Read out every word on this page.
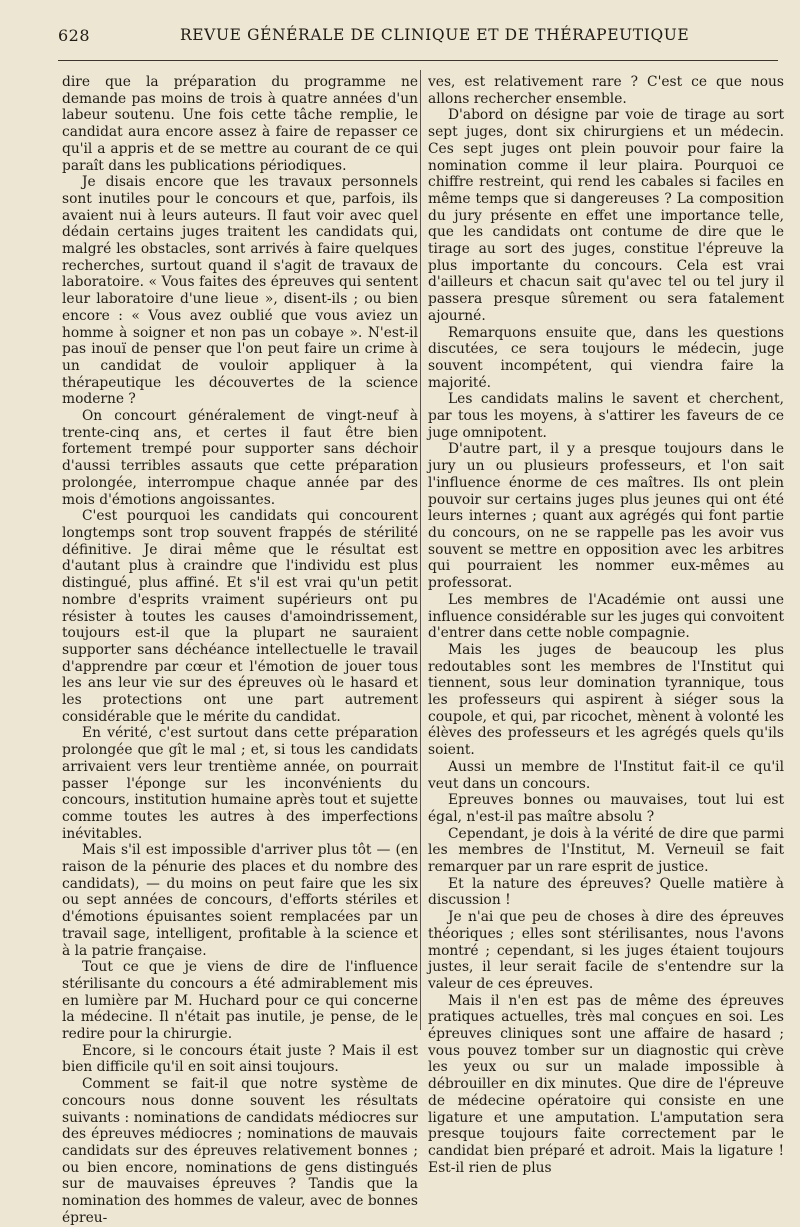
628	REVUE GÉNÉRALE DE CLINIQUE ET DE THÉRAPEUTIQUE

dire que la préparation du programme ne demande pas moins de trois à quatre années d'un labeur soutenu. Une fois cette tâche remplie, le candidat aura encore assez à faire de repasser ce qu'il a appris et de se mettre au courant de ce qui paraît dans les publications périodiques.

Je disais encore que les travaux personnels sont inutiles pour le concours et que, parfois, ils avaient nui à leurs auteurs. Il faut voir avec quel dédain certains juges traitent les candidats qui, malgré les obstacles, sont arrivés à faire quelques recherches, surtout quand il s'agit de travaux de laboratoire. « Vous faites des épreuves qui sentent leur laboratoire d'une lieue », disent-ils ; ou bien encore : « Vous avez oublié que vous aviez un homme à soigner et non pas un cobaye ». N'est-il pas inouï de penser que l'on peut faire un crime à un candidat de vouloir appliquer à la thérapeutique les découvertes de la science moderne ?

On concourt généralement de vingt-neuf à trente-cinq ans, et certes il faut être bien fortement trempé pour supporter sans déchoir d'aussi terribles assauts que cette préparation prolongée, interrompue chaque année par des mois d'émotions angoissantes.

C'est pourquoi les candidats qui concourent longtemps sont trop souvent frappés de stérilité définitive. Je dirai même que le résultat est d'autant plus à craindre que l'individu est plus distingué, plus affiné. Et s'il est vrai qu'un petit nombre d'esprits vraiment supérieurs ont pu résister à toutes les causes d'amoindrissement, toujours est-il que la plupart ne sauraient supporter sans déchéance intellectuelle le travail d'apprendre par cœur et l'émotion de jouer tous les ans leur vie sur des épreuves où le hasard et les protections ont une part autrement considérable que le mérite du candidat.

En vérité, c'est surtout dans cette préparation prolongée que gît le mal ; et, si tous les candidats arrivaient vers leur trentième année, on pourrait passer l'éponge sur les inconvénients du concours, institution humaine après tout et sujette comme toutes les autres à des imperfections inévitables.

Mais s'il est impossible d'arriver plus tôt — (en raison de la pénurie des places et du nombre des candidats), — du moins on peut faire que les six ou sept années de concours, d'efforts stériles et d'émotions épuisantes soient remplacées par un travail sage, intelligent, profitable à la science et à la patrie française.

Tout ce que je viens de dire de l'influence stérilisante du concours a été admirablement mis en lumière par M. Huchard pour ce qui concerne la médecine. Il n'était pas inutile, je pense, de le redire pour la chirurgie.

Encore, si le concours était juste ? Mais il est bien difficile qu'il en soit ainsi toujours.

Comment se fait-il que notre système de concours nous donne souvent les résultats suivants : nominations de candidats médiocres sur des épreuves médiocres ; nominations de mauvais candidats sur des épreuves relativement bonnes ; ou bien encore, nominations de gens distingués sur de mauvaises épreuves ? Tandis que la nomination des hommes de valeur, avec de bonnes épreu-

ves, est relativement rare ? C'est ce que nous allons rechercher ensemble.

D'abord on désigne par voie de tirage au sort sept juges, dont six chirurgiens et un médecin. Ces sept juges ont plein pouvoir pour faire la nomination comme il leur plaira. Pourquoi ce chiffre restreint, qui rend les cabales si faciles en même temps que si dangereuses ? La composition du jury présente en effet une importance telle, que les candidats ont contume de dire que le tirage au sort des juges, constitue l'épreuve la plus importante du concours. Cela est vrai d'ailleurs et chacun sait qu'avec tel ou tel jury il passera presque sûrement ou sera fatalement ajourné.

Remarquons ensuite que, dans les questions discutées, ce sera toujours le médecin, juge souvent incompétent, qui viendra faire la majorité.

Les candidats malins le savent et cherchent, par tous les moyens, à s'attirer les faveurs de ce juge omnipotent.

D'autre part, il y a presque toujours dans le jury un ou plusieurs professeurs, et l'on sait l'influence énorme de ces maîtres. Ils ont plein pouvoir sur certains juges plus jeunes qui ont été leurs internes ; quant aux agrégés qui font partie du concours, on ne se rappelle pas les avoir vus souvent se mettre en opposition avec les arbitres qui pourraient les nommer eux-mêmes au professorat.

Les membres de l'Académie ont aussi une influence considérable sur les juges qui convoitent d'entrer dans cette noble compagnie.

Mais les juges de beaucoup les plus redoutables sont les membres de l'Institut qui tiennent, sous leur domination tyrannique, tous les professeurs qui aspirent à siéger sous la coupole, et qui, par ricochet, mènent à volonté les élèves des professeurs et les agrégés quels qu'ils soient.

Aussi un membre de l'Institut fait-il ce qu'il veut dans un concours.

Epreuves bonnes ou mauvaises, tout lui est égal, n'est-il pas maître absolu ?

Cependant, je dois à la vérité de dire que parmi les membres de l'Institut, M. Verneuil se fait remarquer par un rare esprit de justice.

Et la nature des épreuves? Quelle matière à discussion !

Je n'ai que peu de choses à dire des épreuves théoriques ; elles sont stérilisantes, nous l'avons montré ; cependant, si les juges étaient toujours justes, il leur serait facile de s'entendre sur la valeur de ces épreuves.

Mais il n'en est pas de même des épreuves pratiques actuelles, très mal conçues en soi. Les épreuves cliniques sont une affaire de hasard ; vous pouvez tomber sur un diagnostic qui crève les yeux ou sur un malade impossible à débrouiller en dix minutes. Que dire de l'épreuve de médecine opératoire qui consiste en une ligature et une amputation. L'amputation sera presque toujours faite correctement par le candidat bien préparé et adroit. Mais la ligature ! Est-il rien de plus
